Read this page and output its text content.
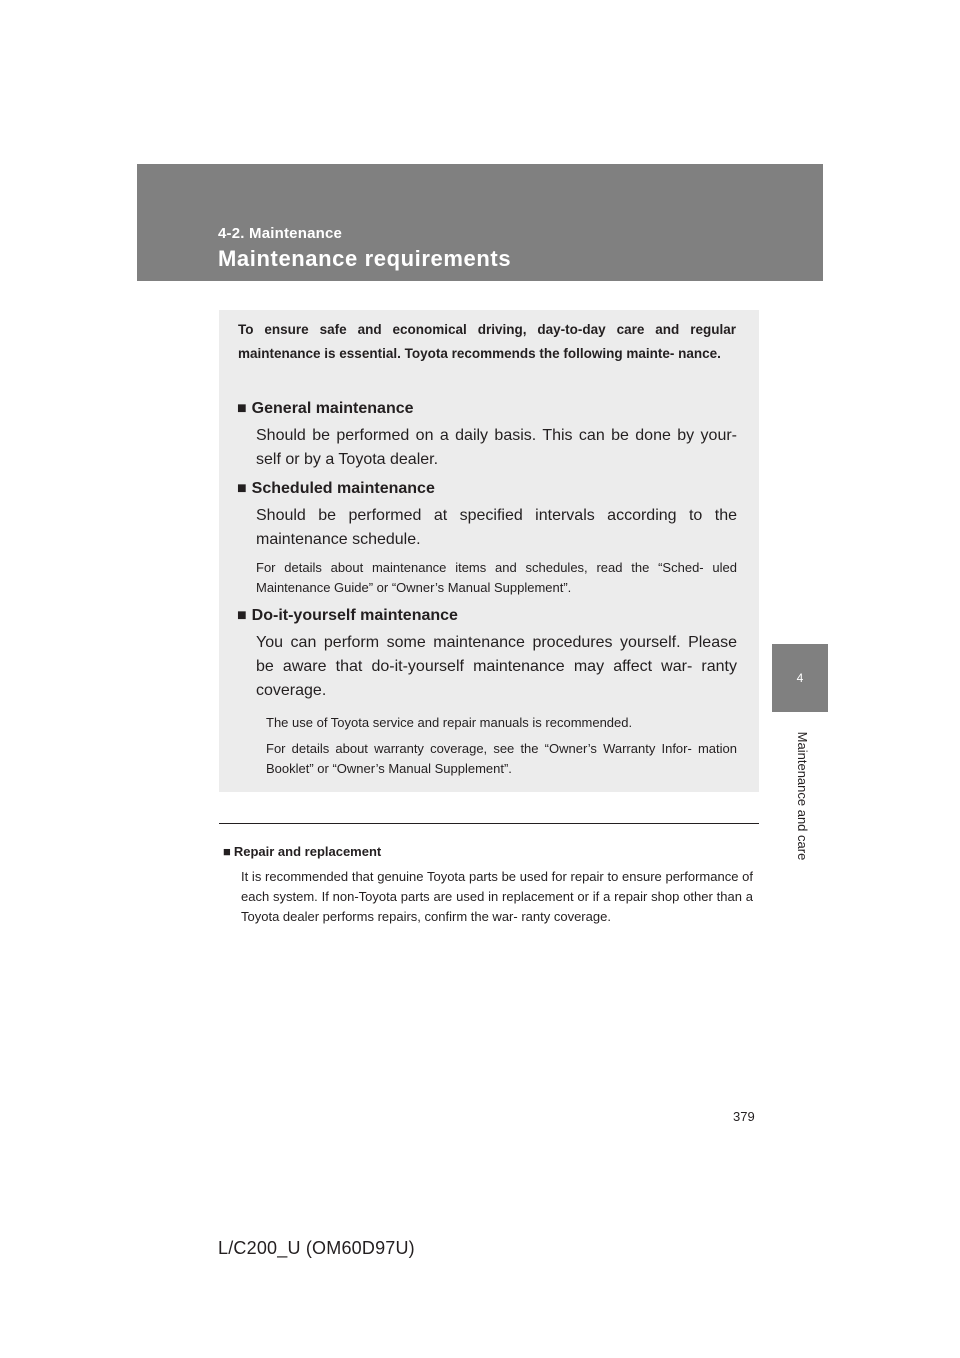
4-2. Maintenance

Maintenance requirements
4
Maintenance and care

To ensure safe and economical driving, day-to-day care and regular maintenance is essential. Toyota recommends the following mainte- nance.

■ General maintenance

Should be performed on a daily basis. This can be done by your- self or by a Toyota dealer.

■ Scheduled maintenance

Should be performed at specified intervals according to the maintenance schedule.

For details about maintenance items and schedules, read the “Sched- uled Maintenance Guide” or “Owner’s Manual Supplement”.

■ Do-it-yourself maintenance

You can perform some maintenance procedures yourself. Please be aware that do-it-yourself maintenance may affect war- ranty coverage.

The use of Toyota service and repair manuals is recommended.

For details about warranty coverage, see the “Owner’s Warranty Infor- mation Booklet” or “Owner’s Manual Supplement”.

■ Repair and replacement

It is recommended that genuine Toyota parts be used for repair to ensure performance of each system. If non-Toyota parts are used in replacement or if a repair shop other than a Toyota dealer performs repairs, confirm the war- ranty coverage.

379
L/C200_U (OM60D97U)
